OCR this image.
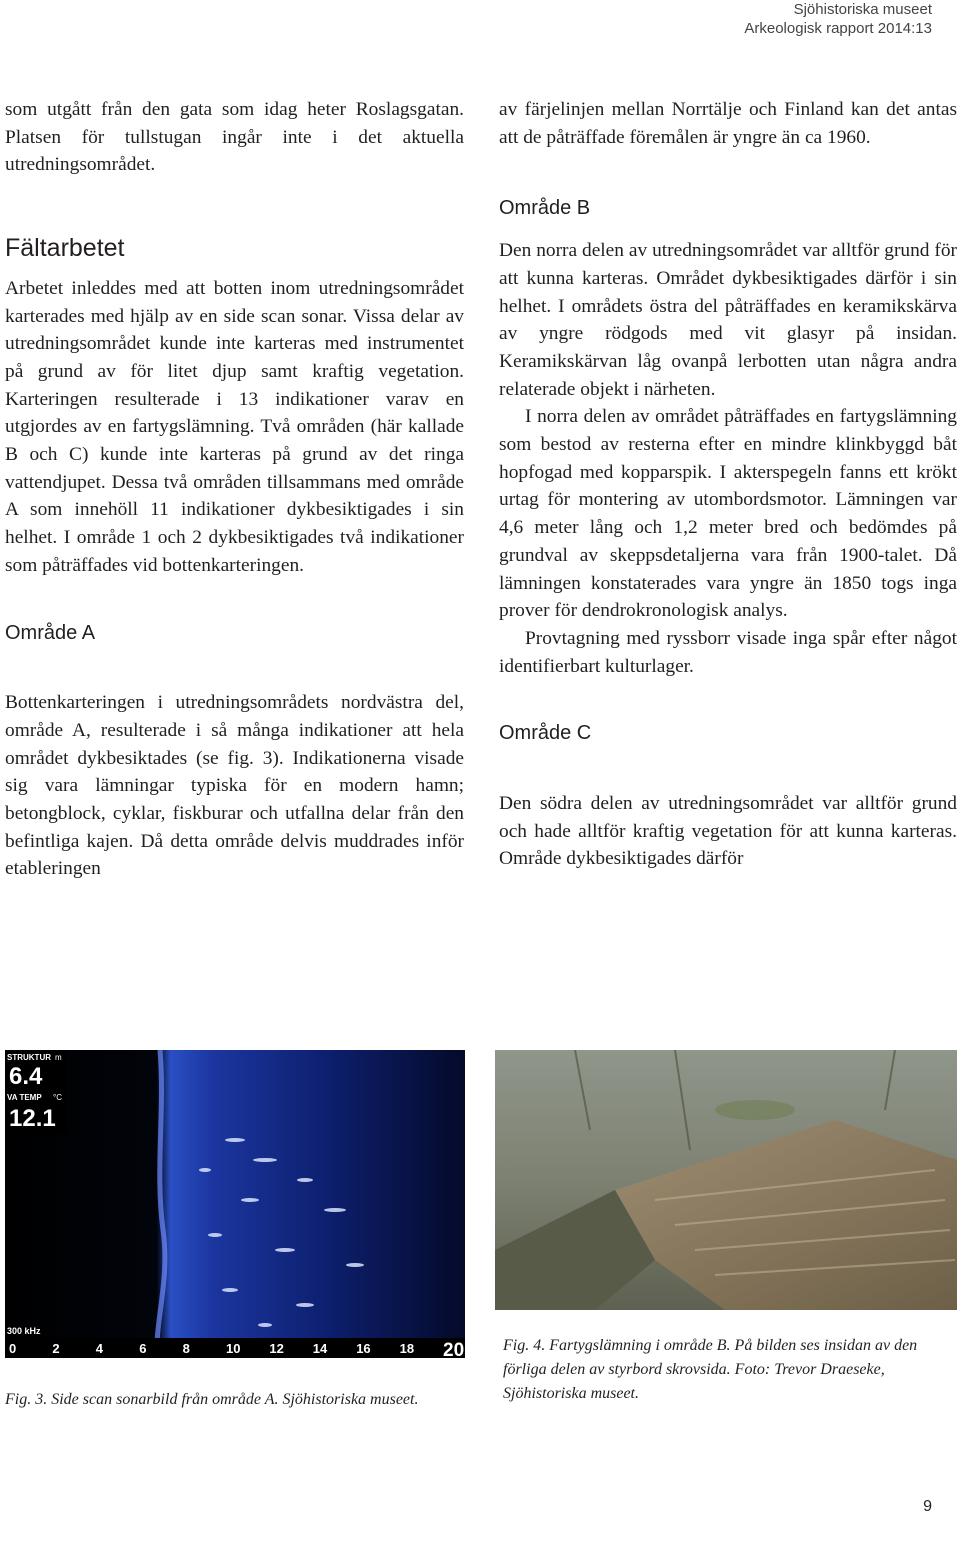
Sjöhistoriska museet
Arkeologisk rapport 2014:13

som utgått från den gata som idag heter Roslagsgatan. Platsen för tullstugan ingår inte i det aktuella utredningsområdet.

Fältarbetet

Arbetet inleddes med att botten inom utredningsområdet karterades med hjälp av en side scan sonar. Vissa delar av utredningsområdet kunde inte karteras med instrumentet på grund av för litet djup samt kraftig vegetation. Karteringen resulterade i 13 indikationer varav en utgjordes av en fartygslämning. Två områden (här kallade B och C) kunde inte karteras på grund av det ringa vattendjupet. Dessa två områden tillsammans med område A som innehöll 11 indikationer dykbesiktigades i sin helhet. I område 1 och 2 dykbesiktigades två indikationer som påträffades vid bottenkarteringen.

Område A

Bottenkarteringen i utredningsområdets nordvästra del, område A, resulterade i så många indikationer att hela området dykbesiktades (se fig. 3). Indikationerna visade sig vara lämningar typiska för en modern hamn; betongblock, cyklar, fiskburar och utfallna delar från den befintliga kajen. Då detta område delvis muddrades inför etableringen

av färjelinjen mellan Norrtälje och Finland kan det antas att de påträffade föremålen är yngre än ca 1960.

Område B

Den norra delen av utredningsområdet var alltför grund för att kunna karteras. Området dykbesiktigades därför i sin helhet. I områdets östra del påträffades en keramikskärva av yngre rödgods med vit glasyr på insidan. Keramikskärvan låg ovanpå lerbotten utan några andra relaterade objekt i närheten.

I norra delen av området påträffades en fartygslämning som bestod av resterna efter en mindre klinkbyggd båt hopfogad med kopparspik. I akterspegeln fanns ett krökt urtag för montering av utombordsmotor. Lämningen var 4,6 meter lång och 1,2 meter bred och bedömdes på grundval av skeppsdetaljerna vara från 1900-talet. Då lämningen konstaterades vara yngre än 1850 togs inga prover för dendrokronologisk analys.

Provtagning med ryssborr visade inga spår efter något identifierbart kulturlager.

Område C

Den södra delen av utredningsområdet var alltför grund och hade alltför kraftig vegetation för att kunna karteras. Område dykbesiktigades därför

STRUKTUR m
6.4
VA TEMP °C
12.1
300 kHz
0	2	4	6	8	10 12 14 16 18 20
Fig. 3. Side scan sonarbild från område A. Sjöhistoriska museet.
Fig. 4. Fartygslämning i område B. På bilden ses insidan av den förliga delen av styrbord skrovsida. Foto: Trevor Draeseke, Sjöhistoriska museet.
9
